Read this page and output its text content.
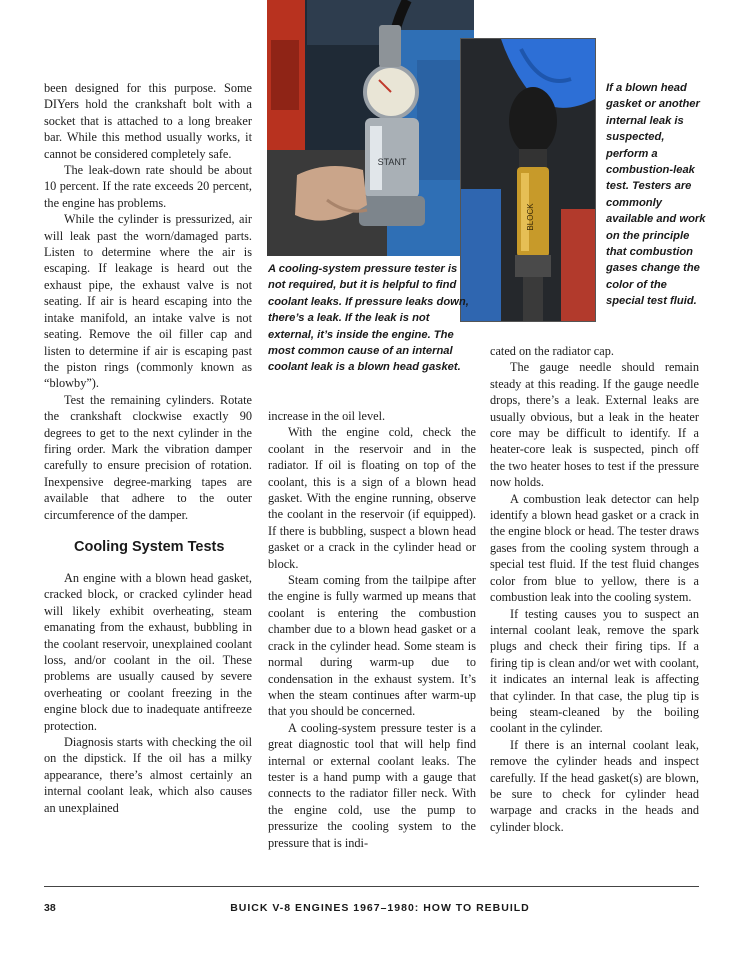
STANT
BLOCK

A cooling-system pressure tester is not required, but it is helpful to find coolant leaks. If pressure leaks down, there’s a leak. If the leak is not external, it’s inside the engine. The most common cause of an internal coolant leak is a blown head gasket.

If a blown head gasket or another internal leak is suspected, perform a combustion-leak test. Testers are commonly available and work on the principle that combustion gases change the color of the special test fluid.

been designed for this purpose. Some DIYers hold the crankshaft bolt with a socket that is attached to a long breaker bar. While this method usually works, it cannot be considered completely safe.

The leak-down rate should be about 10 percent. If the rate exceeds 20 percent, the engine has problems.

While the cylinder is pressurized, air will leak past the worn/damaged parts. Listen to determine where the air is escaping. If leakage is heard out the exhaust pipe, the exhaust valve is not seating. If air is heard escaping into the intake manifold, an intake valve is not seating. Remove the oil filler cap and listen to determine if air is escaping past the piston rings (commonly known as “blowby”).

Test the remaining cylinders. Rotate the crankshaft clockwise exactly 90 degrees to get to the next cylinder in the firing order. Mark the vibration damper carefully to ensure precision of rotation. Inexpensive degree-marking tapes are available that adhere to the outer circumference of the damper.

Cooling System Tests

An engine with a blown head gasket, cracked block, or cracked cylinder head will likely exhibit overheating, steam emanating from the exhaust, bubbling in the coolant reservoir, unexplained coolant loss, and/or coolant in the oil. These problems are usually caused by severe overheating or coolant freezing in the engine block due to inadequate antifreeze protection.

Diagnosis starts with checking the oil on the dipstick. If the oil has a milky appearance, there’s almost certainly an internal coolant leak, which also causes an unexplained

increase in the oil level.

With the engine cold, check the coolant in the reservoir and in the radiator. If oil is floating on top of the coolant, this is a sign of a blown head gasket. With the engine running, observe the coolant in the reservoir (if equipped). If there is bubbling, suspect a blown head gasket or a crack in the cylinder head or block.

Steam coming from the tailpipe after the engine is fully warmed up means that coolant is entering the combustion chamber due to a blown head gasket or a crack in the cylinder head. Some steam is normal during warm-up due to condensation in the exhaust system. It’s when the steam continues after warm-up that you should be concerned.

A cooling-system pressure tester is a great diagnostic tool that will help find internal or external coolant leaks. The tester is a hand pump with a gauge that connects to the radiator filler neck. With the engine cold, use the pump to pressurize the cooling system to the pressure that is indi-

cated on the radiator cap.

The gauge needle should remain steady at this reading. If the gauge needle drops, there’s a leak. External leaks are usually obvious, but a leak in the heater core may be difficult to identify. If a heater-core leak is suspected, pinch off the two heater hoses to test if the pressure now holds.

A combustion leak detector can help identify a blown head gasket or a crack in the engine block or head. The tester draws gases from the cooling system through a special test fluid. If the test fluid changes color from blue to yellow, there is a combustion leak into the cooling system.

If testing causes you to suspect an internal coolant leak, remove the spark plugs and check their firing tips. If a firing tip is clean and/or wet with coolant, it indicates an internal leak is affecting that cylinder. In that case, the plug tip is being steam-cleaned by the boiling coolant in the cylinder.

If there is an internal coolant leak, remove the cylinder heads and inspect carefully. If the head gasket(s) are blown, be sure to check for cylinder head warpage and cracks in the heads and cylinder block.

38	BUICK V-8 ENGINES 1967–1980: HOW TO REBUILD
